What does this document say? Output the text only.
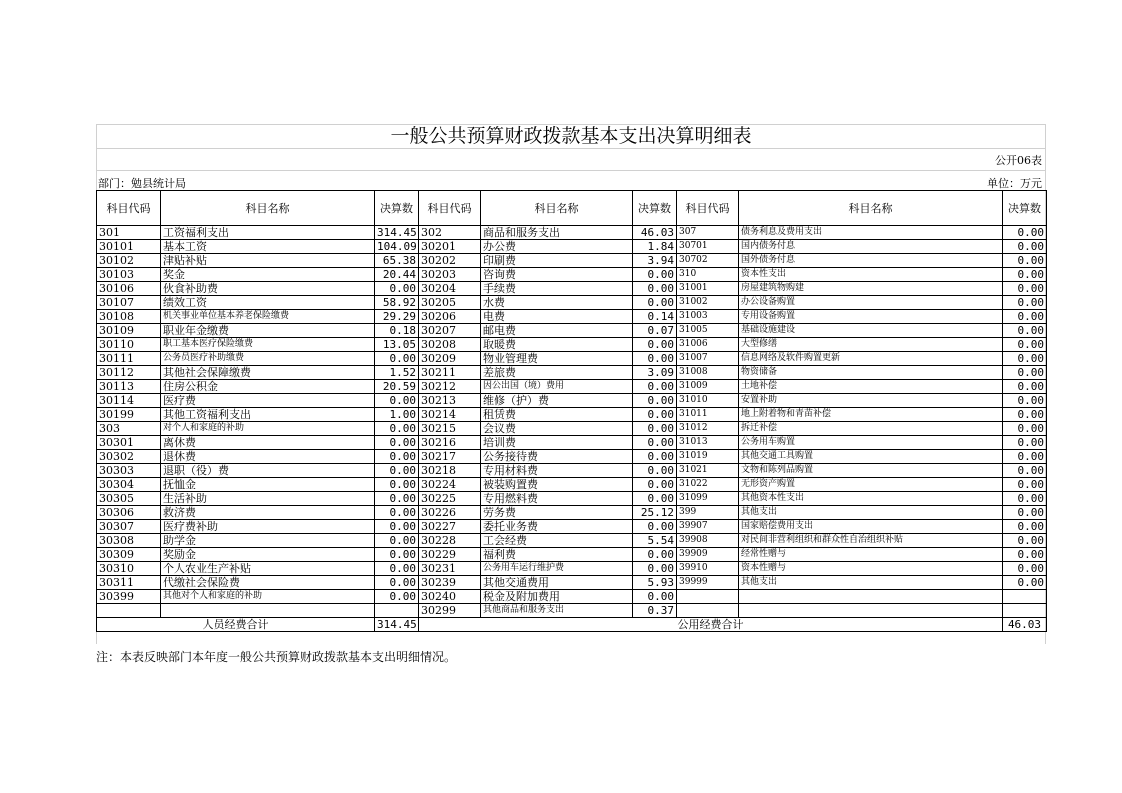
一般公共预算财政拨款基本支出决算明细表
公开06表
部门：勉县统计局	单位：万元
科目代码	科目名称	决算数	科目代码	科目名称	决算数	科目代码	科目名称	决算数
301	工资福利支出	314.45	302	商品和服务支出	46.03	307	债务利息及费用支出	0.00
30101	基本工资	104.09	30201	办公费	1.84	30701	国内债务付息	0.00
30102	津贴补贴	65.38	30202	印刷费	3.94	30702	国外债务付息	0.00
30103	奖金	20.44	30203	咨询费	0.00	310	资本性支出	0.00
30106	伙食补助费	0.00	30204	手续费	0.00	31001	房屋建筑物购建	0.00
30107	绩效工资	58.92	30205	水费	0.00	31002	办公设备购置	0.00
30108	机关事业单位基本养老保险缴费	29.29	30206	电费	0.14	31003	专用设备购置	0.00
30109	职业年金缴费	0.18	30207	邮电费	0.07	31005	基础设施建设	0.00
30110	职工基本医疗保险缴费	13.05	30208	取暖费	0.00	31006	大型修缮	0.00
30111	公务员医疗补助缴费	0.00	30209	物业管理费	0.00	31007	信息网络及软件购置更新	0.00
30112	其他社会保障缴费	1.52	30211	差旅费	3.09	31008	物资储备	0.00
30113	住房公积金	20.59	30212	因公出国（境）费用	0.00	31009	土地补偿	0.00
30114	医疗费	0.00	30213	维修（护）费	0.00	31010	安置补助	0.00
30199	其他工资福利支出	1.00	30214	租赁费	0.00	31011	地上附着物和青苗补偿	0.00
303	对个人和家庭的补助	0.00	30215	会议费	0.00	31012	拆迁补偿	0.00
30301	离休费	0.00	30216	培训费	0.00	31013	公务用车购置	0.00
30302	退休费	0.00	30217	公务接待费	0.00	31019	其他交通工具购置	0.00
30303	退职（役）费	0.00	30218	专用材料费	0.00	31021	文物和陈列品购置	0.00
30304	抚恤金	0.00	30224	被装购置费	0.00	31022	无形资产购置	0.00
30305	生活补助	0.00	30225	专用燃料费	0.00	31099	其他资本性支出	0.00
30306	救济费	0.00	30226	劳务费	25.12	399	其他支出	0.00
30307	医疗费补助	0.00	30227	委托业务费	0.00	39907	国家赔偿费用支出	0.00
30308	助学金	0.00	30228	工会经费	5.54	39908	对民间非营利组织和群众性自治组织补贴	0.00
30309	奖励金	0.00	30229	福利费	0.00	39909	经常性赠与	0.00
30310	个人农业生产补贴	0.00	30231	公务用车运行维护费	0.00	39910	资本性赠与	0.00
30311	代缴社会保险费	0.00	30239	其他交通费用	5.93	39999	其他支出	0.00
30399	其他对个人和家庭的补助	0.00	30240	税金及附加费用	0.00			
			30299	其他商品和服务支出	0.37			
人员经费合计		314.45	公用经费合计					46.03
注：本表反映部门本年度一般公共预算财政拨款基本支出明细情况。
